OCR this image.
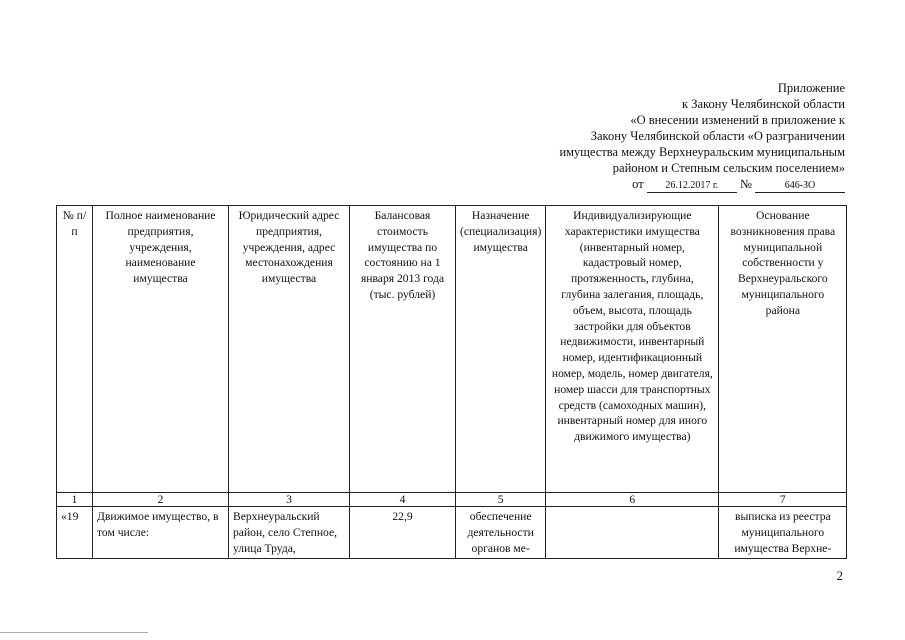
Приложение
к Закону Челябинской области
«О внесении изменений в приложение к
Закону Челябинской области «О разграничении
имущества между Верхнеуральским муниципальным
районом и Степным сельским поселением»
от 26.12.2017 г. №	646-ЗО
№ п/п	Полное наименование предприятия, учреждения, наименование имущества	Юридический адрес предприятия, учреждения, адрес местонахождения имущества	Балансовая стоимость имущества по состоянию на 1 января 2013 года (тыс. рублей)	Назначение (специализация) имущества	Индивидуализирующие характеристики имущества (инвентарный номер, кадастровый номер, протяженность, глубина, глубина залегания, площадь, объем, высота, площадь застройки для объектов недвижимости, инвентарный номер, идентификационный номер, модель, номер двигателя, номер шасси для транспортных средств (самоходных машин), инвентарный номер для иного движимого имущества)	Основание возникновения права муниципальной собственности у Верхнеуральского муниципального района
1	2	3	4	5	6	7
«19	Движимое имущество, в том числе:	Верхнеуральский район, село Степное, улица Труда,	22,9	обеспечение деятельности органов ме-		выписка из реестра муниципального имущества Верхне-
2
